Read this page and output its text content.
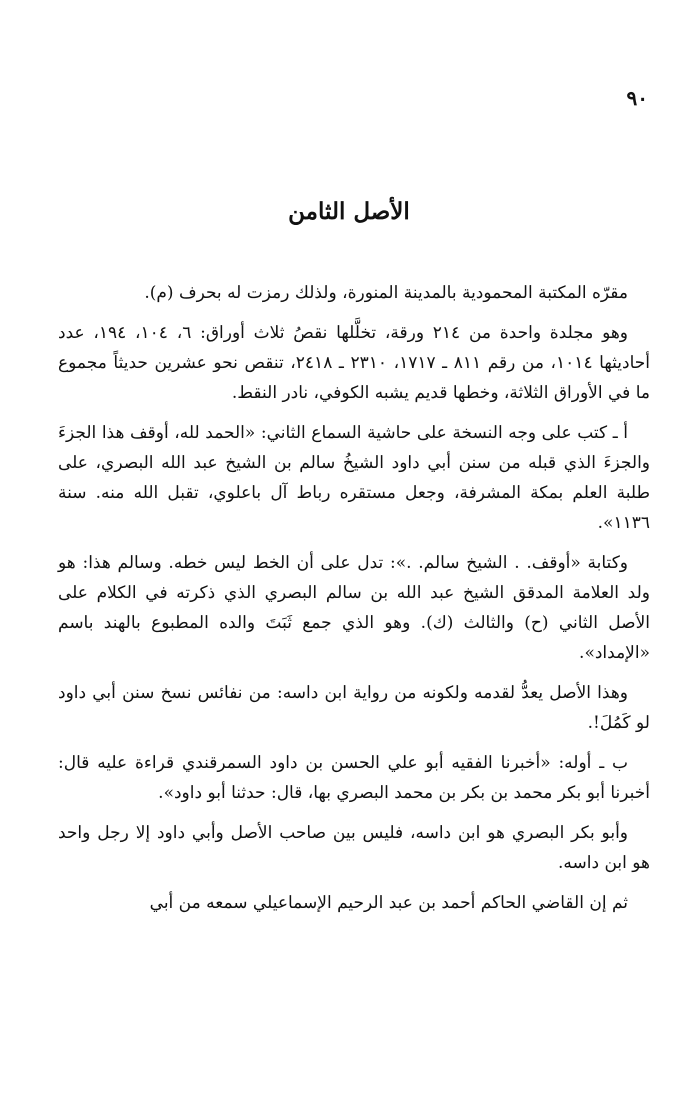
٩٠
الأصل الثامن

مقرّه المكتبة المحمودية بالمدينة المنورة، ولذلك رمزت له بحرف (م).

وهو مجلدة واحدة من ٢١٤ ورقة، تخلَّلها نقصُ ثلاث أوراق: ٦، ١٠٤، ١٩٤، عدد أحاديثها ١٠١٤، من رقم ٨١١ ـ ١٧١٧، ٢٣١٠ ـ ٢٤١٨، تنقص نحو عشرين حديثاً مجموع ما في الأوراق الثلاثة، وخطها قديم يشبه الكوفي، نادر النقط.

أ ـ كتب على وجه النسخة على حاشية السماع الثاني: «الحمد لله، أوقف هذا الجزءَ والجزءَ الذي قبله من سنن أبي داود الشيخُ سالم بن الشيخ عبد الله البصري، على طلبة العلم بمكة المشرفة، وجعل مستقره رباط آل باعلوي، تقبل الله منه. سنة ١١٣٦».

وكتابة «أوقف. . الشيخ سالم. .»: تدل على أن الخط ليس خطه. وسالم هذا: هو ولد العلامة المدقق الشيخ عبد الله بن سالم البصري الذي ذكرته في الكلام على الأصل الثاني (ح) والثالث (ك). وهو الذي جمع ثَبَتَ والده المطبوع بالهند باسم «الإمداد».

وهذا الأصل يعدُّ لقدمه ولكونه من رواية ابن داسه: من نفائس نسخ سنن أبي داود لو كَمُلَ!.

ب ـ أوله: «أخبرنا الفقيه أبو علي الحسن بن داود السمرقندي قراءة عليه قال: أخبرنا أبو بكر محمد بن بكر بن محمد البصري بها، قال: حدثنا أبو داود».

وأبو بكر البصري هو ابن داسه، فليس بين صاحب الأصل وأبي داود إلا رجل واحد هو ابن داسه.

ثم إن القاضي الحاكم أحمد بن عبد الرحيم الإسماعيلي سمعه من أبي
